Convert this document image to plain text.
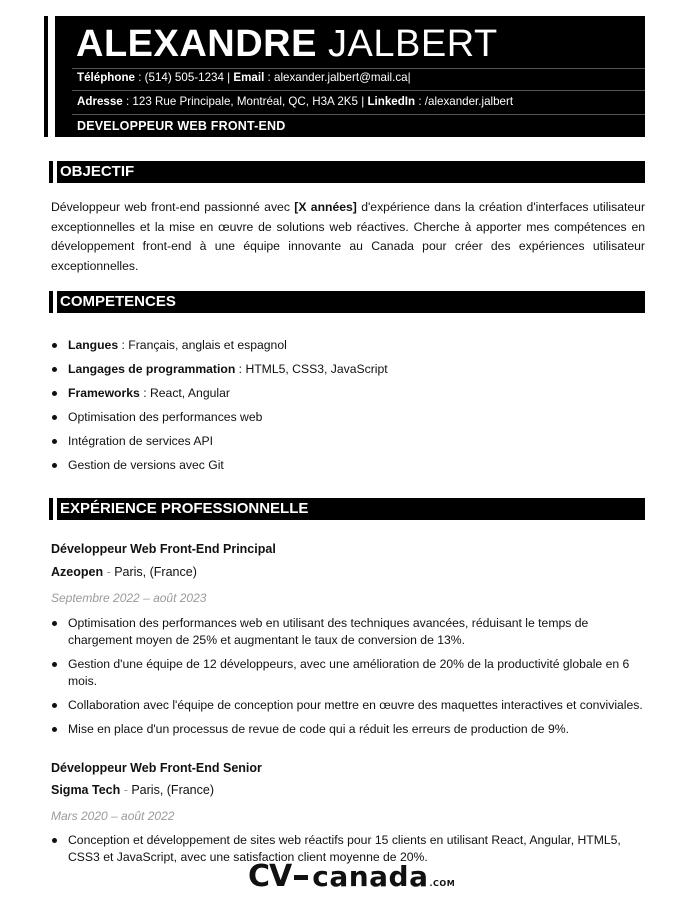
ALEXANDRE JALBERT
Téléphone : (514) 505-1234 | Email : alexander.jalbert@mail.ca|
Adresse : 123 Rue Principale, Montréal, QC, H3A 2K5 | LinkedIn : /alexander.jalbert
DEVELOPPEUR WEB FRONT-END
OBJECTIF
Développeur web front-end passionné avec [X années] d'expérience dans la création d'interfaces utilisateur exceptionnelles et la mise en œuvre de solutions web réactives. Cherche à apporter mes compétences en développement front-end à une équipe innovante au Canada pour créer des expériences utilisateur exceptionnelles.
COMPETENCES
Langues : Français, anglais et espagnol
Langages de programmation : HTML5, CSS3, JavaScript
Frameworks : React, Angular
Optimisation des performances web
Intégration de services API
Gestion de versions avec Git
EXPÉRIENCE PROFESSIONNELLE
Développeur Web Front-End Principal
Azeopen - Paris, (France)
Septembre 2022 – août 2023
Optimisation des performances web en utilisant des techniques avancées, réduisant le temps de chargement moyen de 25% et augmentant le taux de conversion de 13%.
Gestion d'une équipe de 12 développeurs, avec une amélioration de 20% de la productivité globale en 6 mois.
Collaboration avec l'équipe de conception pour mettre en œuvre des maquettes interactives et conviviales.
Mise en place d'un processus de revue de code qui a réduit les erreurs de production de 9%.
Développeur Web Front-End Senior
Sigma Tech - Paris, (France)
Mars 2020 – août 2022
Conception et développement de sites web réactifs pour 15 clients en utilisant React, Angular, HTML5, CSS3 et JavaScript, avec une satisfaction client moyenne de 20%.
CV canada.COM
